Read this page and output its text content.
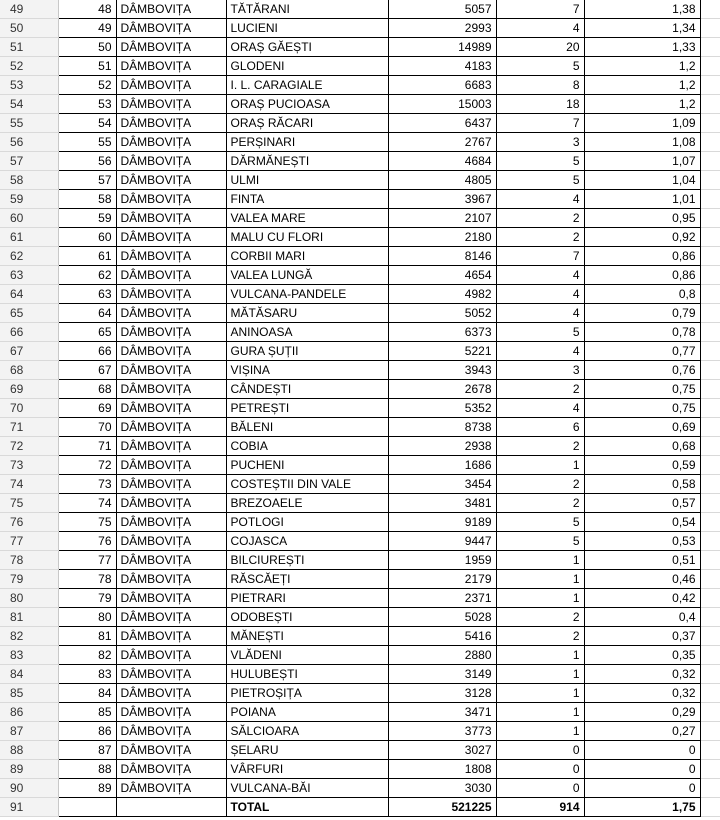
49	48	DÂMBOVIȚA	TĂTĂRANI	5057	7	1,38	
50	49	DÂMBOVIȚA	LUCIENI	2993	4	1,34	
51	50	DÂMBOVIȚA	ORAȘ GĂEȘTI	14989	20	1,33	
52	51	DÂMBOVIȚA	GLODENI	4183	5	1,2	
53	52	DÂMBOVIȚA	I. L. CARAGIALE	6683	8	1,2	
54	53	DÂMBOVIȚA	ORAȘ PUCIOASA	15003	18	1,2	
55	54	DÂMBOVIȚA	ORAȘ RĂCARI	6437	7	1,09	
56	55	DÂMBOVIȚA	PERȘINARI	2767	3	1,08	
57	56	DÂMBOVIȚA	DĂRMĂNEȘTI	4684	5	1,07	
58	57	DÂMBOVIȚA	ULMI	4805	5	1,04	
59	58	DÂMBOVIȚA	FINTA	3967	4	1,01	
60	59	DÂMBOVIȚA	VALEA MARE	2107	2	0,95	
61	60	DÂMBOVIȚA	MALU CU FLORI	2180	2	0,92	
62	61	DÂMBOVIȚA	CORBII MARI	8146	7	0,86	
63	62	DÂMBOVIȚA	VALEA LUNGĂ	4654	4	0,86	
64	63	DÂMBOVIȚA	VULCANA-PANDELE	4982	4	0,8	
65	64	DÂMBOVIȚA	MĂTĂSARU	5052	4	0,79	
66	65	DÂMBOVIȚA	ANINOASA	6373	5	0,78	
67	66	DÂMBOVIȚA	GURA ȘUȚII	5221	4	0,77	
68	67	DÂMBOVIȚA	VIȘINA	3943	3	0,76	
69	68	DÂMBOVIȚA	CÂNDEȘTI	2678	2	0,75	
70	69	DÂMBOVIȚA	PETREȘTI	5352	4	0,75	
71	70	DÂMBOVIȚA	BĂLENI	8738	6	0,69	
72	71	DÂMBOVIȚA	COBIA	2938	2	0,68	
73	72	DÂMBOVIȚA	PUCHENI	1686	1	0,59	
74	73	DÂMBOVIȚA	COSTEȘTII DIN VALE	3454	2	0,58	
75	74	DÂMBOVIȚA	BREZOAELE	3481	2	0,57	
76	75	DÂMBOVIȚA	POTLOGI	9189	5	0,54	
77	76	DÂMBOVIȚA	COJASCA	9447	5	0,53	
78	77	DÂMBOVIȚA	BILCIUREȘTI	1959	1	0,51	
79	78	DÂMBOVIȚA	RĂSCĂEȚI	2179	1	0,46	
80	79	DÂMBOVIȚA	PIETRARI	2371	1	0,42	
81	80	DÂMBOVIȚA	ODOBEȘTI	5028	2	0,4	
82	81	DÂMBOVIȚA	MĂNEȘTI	5416	2	0,37	
83	82	DÂMBOVIȚA	VLĂDENI	2880	1	0,35	
84	83	DÂMBOVIȚA	HULUBEȘTI	3149	1	0,32	
85	84	DÂMBOVIȚA	PIETROȘIȚA	3128	1	0,32	
86	85	DÂMBOVIȚA	POIANA	3471	1	0,29	
87	86	DÂMBOVIȚA	SĂLCIOARA	3773	1	0,27	
88	87	DÂMBOVIȚA	ȘELARU	3027	0	0	
89	88	DÂMBOVIȚA	VÂRFURI	1808	0	0	
90	89	DÂMBOVIȚA	VULCANA-BĂI	3030	0	0	
91			TOTAL	521225	914	1,75	
